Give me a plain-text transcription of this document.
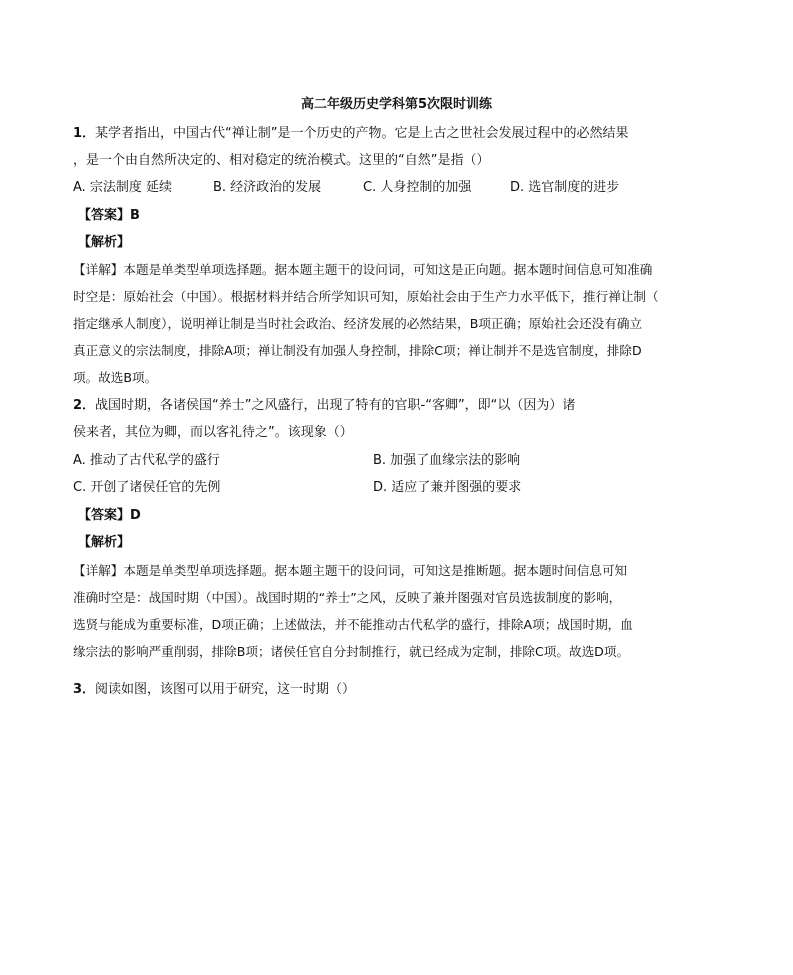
高二年级历史学科第5次限时训练
1．某学者指出，中国古代“禅让制”是一个历史的产物。它是上古之世社会发展过程中的必然结果
，是一个由自然所决定的、相对稳定的统治模式。这里的“自然”是指（）
A. 宗法制度 延续	B. 经济政治的发展	C. 人身控制的加强	D. 选官制度的进步
【答案】B
【解析】
【详解】本题是单类型单项选择题。据本题主题干的设问词，可知这是正向题。据本题时间信息可知准确
时空是：原始社会（中国）。根据材料并结合所学知识可知，原始社会由于生产力水平低下，推行禅让制（
指定继承人制度），说明禅让制是当时社会政治、经济发展的必然结果，B项正确；原始社会还没有确立
真正意义的宗法制度，排除A项；禅让制没有加强人身控制，排除C项；禅让制并不是选官制度，排除D
项。故选B项。
2．战国时期，各诸侯国“养士”之风盛行，出现了特有的官职-“客卿”，即“以（因为）诸
侯来者，其位为卿，而以客礼待之”。该现象（）
A. 推动了古代私学的盛行	B. 加强了血缘宗法的影响
C. 开创了诸侯任官的先例	D. 适应了兼并图强的要求
【答案】D
【解析】
【详解】本题是单类型单项选择题。据本题主题干的设问词，可知这是推断题。据本题时间信息可知
准确时空是：战国时期（中国）。战国时期的“养士”之风，反映了兼并图强对官员选拔制度的影响，
选贤与能成为重要标准，D项正确；上述做法，并不能推动古代私学的盛行，排除A项；战国时期，血
缘宗法的影响严重削弱，排除B项；诸侯任官自分封制推行，就已经成为定制，排除C项。故选D项。
3．阅读如图，该图可以用于研究，这一时期（）
